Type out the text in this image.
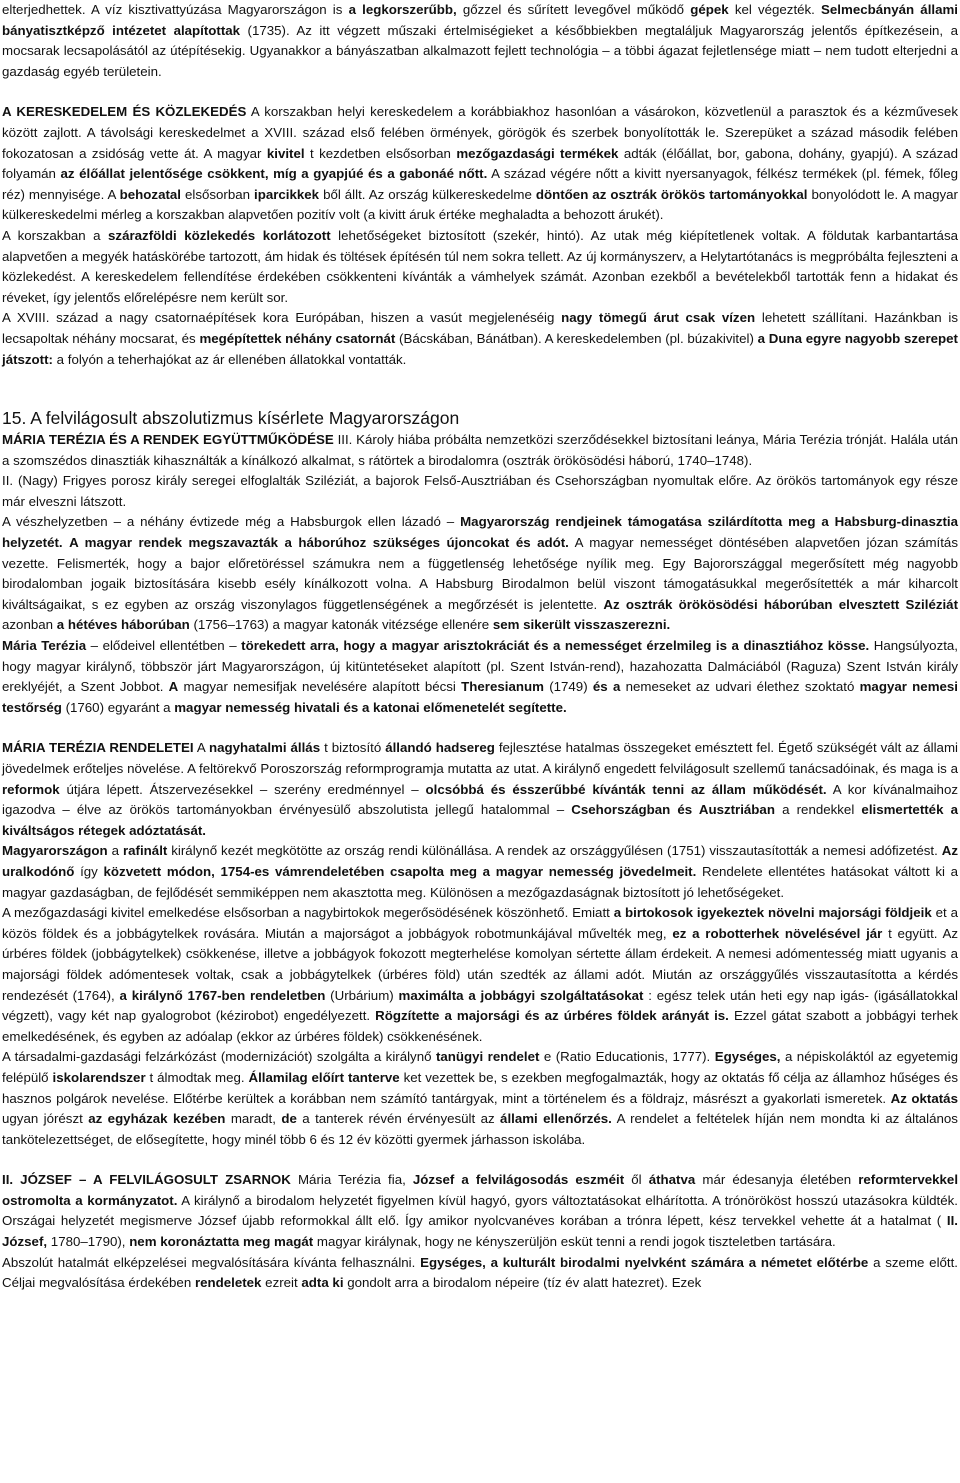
elterjedhettek. A víz kisztivattyúzása Magyarországon is a legkorszerűbb, gőzzel és sűrített levegővel működő gépek kel végezték. Selmecbányán állami bányatisztképző intézetet alapítottak (1735). Az itt végzett műszaki értelmiségieket a későbbiekben megtaláljuk Magyarország jelentős építkezésein, a mocsarak lecsapolásától az útépítésekig. Ugyanakkor a bányászatban alkalmazott fejlett technológia – a többi ágazat fejletlensége miatt – nem tudott elterjedni a gazdaság egyéb területein.

A KERESKEDELEM ÉS KÖZLEKEDÉS A korszakban helyi kereskedelem a korábbiakhoz hasonlóan a vásárokon, közvetlenül a parasztok és a kézművesek között zajlott. A távolsági kereskedelmet a XVIII. század első felében örmények, görögök és szerbek bonyolították le. Szerepüket a század második felében fokozatosan a zsidóság vette át. A magyar kivitel t kezdetben elsősorban mezőgazdasági termékek adták (élőállat, bor, gabona, dohány, gyapjú). A század folyamán az élőállat jelentősége csökkent, míg a gyapjúé és a gabonáé nőtt. A század végére nőtt a kivitt nyersanyagok, félkész termékek (pl. fémek, főleg réz) mennyisége. A behozatal elsősorban iparcikkek ből állt. Az ország külkereskedelme döntően az osztrák örökös tartományokkal bonyolódott le. A magyar külkereskedelmi mérleg a korszakban alapvetően pozitív volt (a kivitt áruk értéke meghaladta a behozott árukét).

A korszakban a szárazföldi közlekedés korlátozott lehetőségeket biztosított (szekér, hintó). Az utak még kiépítetlenek voltak. A földutak karbantartása alapvetően a megyék hatáskörébe tartozott, ám hidak és töltések építésén túl nem sokra tellett. Az új kormányszerv, a Helytartótanács is megpróbálta fejleszteni a közlekedést. A kereskedelem fellendítése érdekében csökkenteni kívánták a vámhelyek számát. Azonban ezekből a bevételekből tartották fenn a hidakat és réveket, így jelentős előrelépésre nem került sor.

A XVIII. század a nagy csatornaépítések kora Európában, hiszen a vasút megjelenéséig nagy tömegű árut csak vízen lehetett szállítani. Hazánkban is lecsapoltak néhány mocsarat, és megépítettek néhány csatornát (Bácskában, Bánátban). A kereskedelemben (pl. búzakivitel) a Duna egyre nagyobb szerepet játszott: a folyón a teherhajókat az ár ellenében állatokkal vontatták.

15. A felvilágosult abszolutizmus kísérlete Magyarországon

MÁRIA TERÉZIA ÉS A RENDEK EGYÜTTMŰKÖDÉSE III. Károly hiába próbálta nemzetközi szerződésekkel biztosítani leánya, Mária Terézia trónját. Halála után a szomszédos dinasztiák kihasználták a kínálkozó alkalmat, s rátörtek a birodalomra (osztrák örökösödési háború, 1740–1748).

II. (Nagy) Frigyes porosz király seregei elfoglalták Sziléziát, a bajorok Felső-Ausztriában és Csehországban nyomultak előre. Az örökös tartományok egy része már elveszni látszott.

A vészhelyzetben – a néhány évtizede még a Habsburgok ellen lázadó – Magyarország rendjeinek támogatása szilárdította meg a Habsburg-dinasztia helyzetét. A magyar rendek megszavazták a háborúhoz szükséges újoncokat és adót. A magyar nemességet döntésében alapvetően józan számítás vezette. Felismerték, hogy a bajor előretöréssel számukra nem a függetlenség lehetősége nyílik meg. Egy Bajorországgal megerősített még nagyobb birodalomban jogaik biztosítására kisebb esély kínálkozott volna. A Habsburg Birodalmon belül viszont támogatásukkal megerősítették a már kiharcolt kiváltságaikat, s ez egyben az ország viszonylagos függetlenségének a megőrzését is jelentette. Az osztrák örökösödési háborúban elvesztett Sziléziát azonban a hétéves háborúban (1756–1763) a magyar katonák vitézsége ellenére sem sikerült visszaszerezni.

Mária Terézia – elődeivel ellentétben – törekedett arra, hogy a magyar arisztokráciát és a nemességet érzelmileg is a dinasztiához kösse. Hangsúlyozta, hogy magyar királynő, többször járt Magyarországon, új kitüntetéseket alapított (pl. Szent István-rend), hazahozatta Dalmáciából (Raguza) Szent István király ereklyéjét, a Szent Jobbot. A magyar nemesifjak nevelésére alapított bécsi Theresianum (1749) és a nemeseket az udvari élethez szoktató magyar nemesi testőrség (1760) egyaránt a magyar nemesség hivatali és a katonai előmenetelét segítette.

MÁRIA TERÉZIA RENDELETEI A nagyhatalmi állás t biztosító állandó hadsereg fejlesztése hatalmas összegeket emésztett fel. Égető szükségét vált az állami jövedelmek erőteljes növelése. A feltörekvő Poroszország reformprogramja mutatta az utat. A királynő engedett felvilágosult szellemű tanácsadóinak, és maga is a reformok útjára lépett. Átszervezésekkel – szerény eredménnyel – olcsóbbá és ésszerűbbé kívánták tenni az állam működését. A kor kívánalmaihoz igazodva – élve az örökös tartományokban érvényesülő abszolutista jellegű hatalommal – Csehországban és Ausztriában a rendekkel elismertették a kiváltságos rétegek adóztatását.

Magyarországon a rafinált királynő kezét megkötötte az ország rendi különállása. A rendek az országgyűlésen (1751) visszautasították a nemesi adófizetést. Az uralkodónő így közvetett módon, 1754-es vámrendeletében csapolta meg a magyar nemesség jövedelmeit. Rendelete ellentétes hatásokat váltott ki a magyar gazdaságban, de fejlődését semmiképpen nem akasztotta meg. Különösen a mezőgazdaságnak biztosított jó lehetőségeket.

A mezőgazdasági kivitel emelkedése elsősorban a nagybirtokok megerősödésének köszönhető. Emiatt a birtokosok igyekeztek növelni majorsági földjeik et a közös földek és a jobbágytelkek rovására. Miután a majorságot a jobbágyok robotmunkájával művelték meg, ez a robotterhek növelésével jár t együtt. Az úrbéres földek (jobbágytelkek) csökkenése, illetve a jobbágyok fokozott megterhelése komolyan sértette állam érdekeit. A nemesi adómentesség miatt ugyanis a majorsági földek adómentesek voltak, csak a jobbágytelkek (úrbéres föld) után szedték az állami adót. Miután az országgyűlés visszautasította a kérdés rendezését (1764), a királynő 1767-ben rendeletben (Urbárium) maximálta a jobbágyi szolgáltatásokat : egész telek után heti egy nap igás- (igásállatokkal végzett), vagy két nap gyalogrobot (kézirobot) engedélyezett. Rögzítette a majorsági és az úrbéres földek arányát is. Ezzel gátat szabott a jobbágyi terhek emelkedésének, és egyben az adóalap (ekkor az úrbéres földek) csökkenésének.

A társadalmi-gazdasági felzárkózást (modernizációt) szolgálta a királynő tanügyi rendelet e (Ratio Educationis, 1777). Egységes, a népiskoláktól az egyetemig felépülő iskolarendszer t álmodtak meg. Államilag előírt tanterve ket vezettek be, s ezekben megfogalmazták, hogy az oktatás fő célja az államhoz hűséges és hasznos polgárok nevelése. Előtérbe kerültek a korábban nem számító tantárgyak, mint a történelem és a földrajz, másrészt a gyakorlati ismeretek. Az oktatás ugyan jórészt az egyházak kezében maradt, de a tanterek révén érvényesült az állami ellenőrzés. A rendelet a feltételek híján nem mondta ki az általános tankötelezettséget, de elősegítette, hogy minél több 6 és 12 év közötti gyermek járhasson iskolába.

II. JÓZSEF – A FELVILÁGOSULT ZSARNOK Mária Terézia fia, József a felvilágosodás eszméit ől áthatva már édesanyja életében reformtervekkel ostromolta a kormányzatot. A királynő a birodalom helyzetét figyelmen kívül hagyó, gyors változtatásokat elhárította. A trónörököst hosszú utazásokra küldték. Országai helyzetét megismerve József újabb reformokkal állt elő. Így amikor nyolcvanéves korában a trónra lépett, kész tervekkel vehette át a hatalmat ( II. József, 1780–1790), nem koronáztatta meg magát magyar királynak, hogy ne kényszerüljön esküt tenni a rendi jogok tiszteletben tartására.

Abszolút hatalmát elképzelései megvalósítására kívánta felhasználni. Egységes, a kulturált birodalmi nyelvként számára a németet előtérbe a szeme előtt. Céljai megvalósítása érdekében rendeletek ezreit adta ki gondolt arra a birodalom népeire (tíz év alatt hatezret). Ezek
